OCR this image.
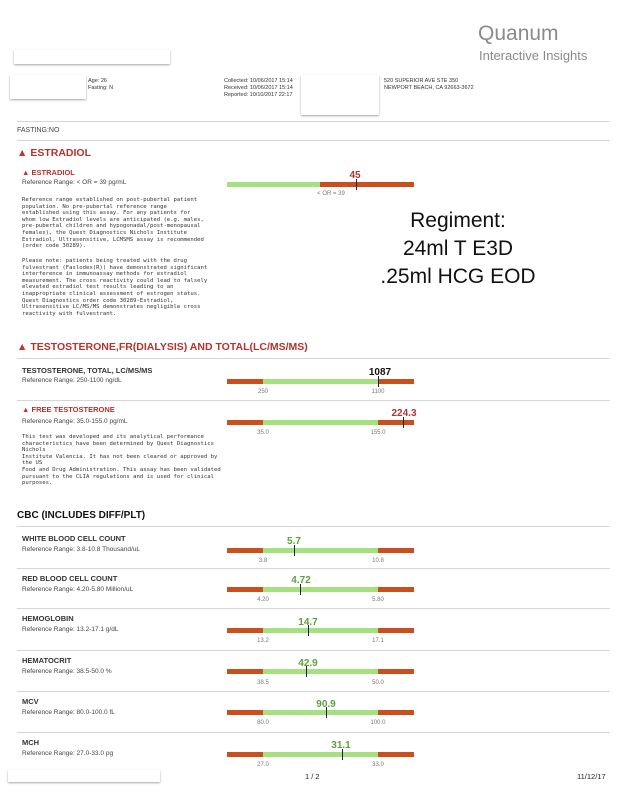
Quanum
Interactive Insights
Age: 26
Fasting: N
Collected: 10/06/2017 15:14
Received: 10/06/2017 15:14
Reported: 10/10/2017 22:17
520 SUPERIOR AVE STE 350
NEWPORT BEACH, CA 92663-3672
FASTING:NO
▲ ESTRADIOL
▲ ESTRADIOL
Reference Range: < OR = 39 pg/mL
45
< OR = 39
Reference range established on post-pubertal patient
population. No pre-pubertal reference range
established using this assay. For any patients for
whom low Estradiol levels are anticipated (e.g. males,
pre-pubertal children and hypogonadal/post-menopausal
females), the Quest Diagnostics Nichols Institute
Estradiol, Ultrasensitive, LCMSMS assay is recommended
(order code 30289).
Please note: patients being treated with the drug
fulvestrant (Faslodex(R)) have demonstrated significant
interference in immunoassay methods for estradiol
measurement. The cross reactivity could lead to falsely
elevated estradiol test results leading to an
inappropriate clinical assessment of estrogen status.
Quest Diagnostics order code 30289-Estradiol,
Ultrasensitive LC/MS/MS demonstrates negligible cross
reactivity with fulvestrant.
Regiment:
24ml T E3D
.25ml HCG EOD
▲ TESTOSTERONE,FR(DIALYSIS) AND TOTAL(LC/MS/MS)
TESTOSTERONE, TOTAL, LC/MS/MS
Reference Range: 250-1100 ng/dL
1087
250	1100
▲ FREE TESTOSTERONE
Reference Range: 35.0-155.0 pg/mL
224.3
35.0	155.0
This test was developed and its analytical performance
characteristics have been determined by Quest Diagnostics
Nichols
Institute Valencia. It has not been cleared or approved by
the US
Food and Drug Administration. This assay has been validated
pursuant to the CLIA regulations and is used for clinical
purposes.
CBC (INCLUDES DIFF/PLT)
WHITE BLOOD CELL COUNT
Reference Range: 3.8-10.8 Thousand/uL
5.7
3.8	10.8
RED BLOOD CELL COUNT
Reference Range: 4.20-5.80 Million/uL
4.72
4.20	5.80
HEMOGLOBIN
Reference Range: 13.2-17.1 g/dL
14.7
13.2	17.1
HEMATOCRIT
Reference Range: 38.5-50.0 %
42.9
38.5	50.0
MCV
Reference Range: 80.0-100.0 fL
90.9
80.0	100.0
MCH
Reference Range: 27.0-33.0 pg
31.1
27.0	33.0
1 / 2	11/12/17
